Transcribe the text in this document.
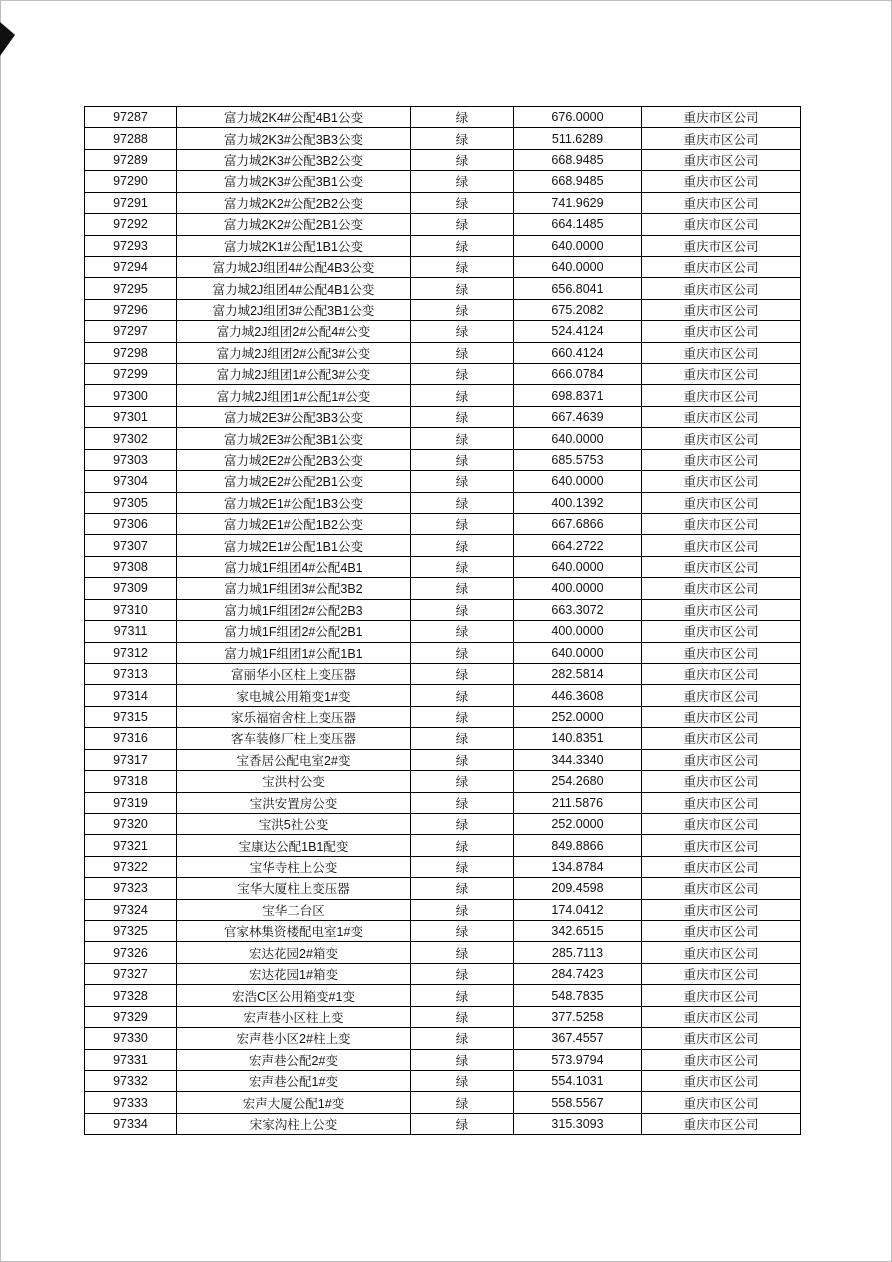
97287	富力城2K4#公配4B1公变	绿	676.0000	重庆市区公司
97288	富力城2K3#公配3B3公变	绿	511.6289	重庆市区公司
97289	富力城2K3#公配3B2公变	绿	668.9485	重庆市区公司
97290	富力城2K3#公配3B1公变	绿	668.9485	重庆市区公司
97291	富力城2K2#公配2B2公变	绿	741.9629	重庆市区公司
97292	富力城2K2#公配2B1公变	绿	664.1485	重庆市区公司
97293	富力城2K1#公配1B1公变	绿	640.0000	重庆市区公司
97294	富力城2J组团4#公配4B3公变	绿	640.0000	重庆市区公司
97295	富力城2J组团4#公配4B1公变	绿	656.8041	重庆市区公司
97296	富力城2J组团3#公配3B1公变	绿	675.2082	重庆市区公司
97297	富力城2J组团2#公配4#公变	绿	524.4124	重庆市区公司
97298	富力城2J组团2#公配3#公变	绿	660.4124	重庆市区公司
97299	富力城2J组团1#公配3#公变	绿	666.0784	重庆市区公司
97300	富力城2J组团1#公配1#公变	绿	698.8371	重庆市区公司
97301	富力城2E3#公配3B3公变	绿	667.4639	重庆市区公司
97302	富力城2E3#公配3B1公变	绿	640.0000	重庆市区公司
97303	富力城2E2#公配2B3公变	绿	685.5753	重庆市区公司
97304	富力城2E2#公配2B1公变	绿	640.0000	重庆市区公司
97305	富力城2E1#公配1B3公变	绿	400.1392	重庆市区公司
97306	富力城2E1#公配1B2公变	绿	667.6866	重庆市区公司
97307	富力城2E1#公配1B1公变	绿	664.2722	重庆市区公司
97308	富力城1F组团4#公配4B1	绿	640.0000	重庆市区公司
97309	富力城1F组团3#公配3B2	绿	400.0000	重庆市区公司
97310	富力城1F组团2#公配2B3	绿	663.3072	重庆市区公司
97311	富力城1F组团2#公配2B1	绿	400.0000	重庆市区公司
97312	富力城1F组团1#公配1B1	绿	640.0000	重庆市区公司
97313	富丽华小区柱上变压器	绿	282.5814	重庆市区公司
97314	家电城公用箱变1#变	绿	446.3608	重庆市区公司
97315	家乐福宿舍柱上变压器	绿	252.0000	重庆市区公司
97316	客车装修厂柱上变压器	绿	140.8351	重庆市区公司
97317	宝香居公配电室2#变	绿	344.3340	重庆市区公司
97318	宝洪村公变	绿	254.2680	重庆市区公司
97319	宝洪安置房公变	绿	211.5876	重庆市区公司
97320	宝洪5社公变	绿	252.0000	重庆市区公司
97321	宝康达公配1B1配变	绿	849.8866	重庆市区公司
97322	宝华寺柱上公变	绿	134.8784	重庆市区公司
97323	宝华大厦柱上变压器	绿	209.4598	重庆市区公司
97324	宝华二台区	绿	174.0412	重庆市区公司
97325	官家林集资楼配电室1#变	绿	342.6515	重庆市区公司
97326	宏达花园2#箱变	绿	285.7113	重庆市区公司
97327	宏达花园1#箱变	绿	284.7423	重庆市区公司
97328	宏浩C区公用箱变#1变	绿	548.7835	重庆市区公司
97329	宏声巷小区柱上变	绿	377.5258	重庆市区公司
97330	宏声巷小区2#柱上变	绿	367.4557	重庆市区公司
97331	宏声巷公配2#变	绿	573.9794	重庆市区公司
97332	宏声巷公配1#变	绿	554.1031	重庆市区公司
97333	宏声大厦公配1#变	绿	558.5567	重庆市区公司
97334	宋家沟柱上公变	绿	315.3093	重庆市区公司
